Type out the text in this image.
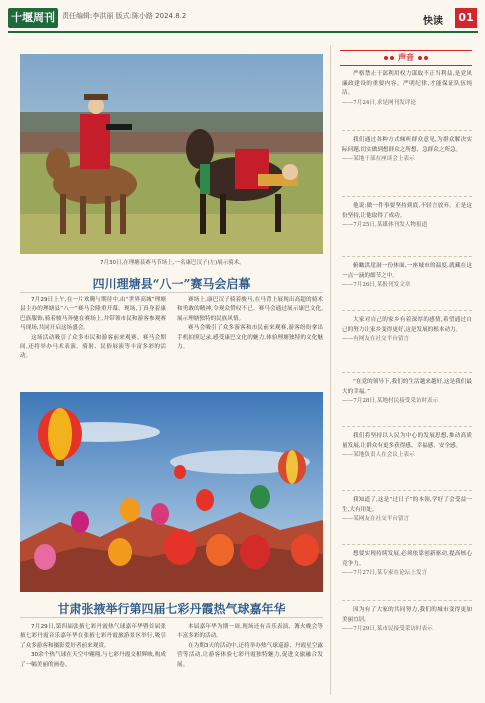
十堰周刊	责任编辑:李洪丽 版式:陈小路 2024.8.2	快读	01
7月30日,在理塘县赛马节场上,一名康巴汉子(左)展示骑术。
四川理塘县“八一”赛马会启幕

7月29日上午,在一片欢腾与期待中,由“世界高城”理塘县主办的理塘县“八一”赛马会隆重开幕。现场,丁真身着康巴族服饰,骑着骏马奔驰在赛场上,并带领市民和游客参观赛马现场,共同开启这场盛会。

这场活动吸引了众多市民和游客前来观赛。赛马会期间,还将举办马术表演、骑射、民俗展演等丰富多彩的活动。

赛场上,康巴汉子骑着骏马,在马背上展现出高超的骑术和勇敢的精神,令观众赞叹不已。赛马会通过展示康巴文化,展示理塘独特的民族风情。

赛马会吸引了众多游客和市民前来观赛,游客纷纷拿出手机拍照记录,感受康巴文化的魅力,体验理塘独特的文化魅力。

甘肃张掖举行第四届七彩丹霞热气球嘉年华

7月29日,第四届张掖七彩丹霞热气球嘉年华暨首届张掖七彩丹霞音乐嘉年华在张掖七彩丹霞旅游景区举行,吸引了众多游客和摄影爱好者前来观赏。

30余个热气球在天空中翱翔,与七彩丹霞交相辉映,构成了一幅美丽的画卷。

本届嘉年华为期一周,现场还有音乐表演、篝火晚会等丰富多彩的活动。

在为期3天的活动中,还将举办热气球巡游、丹霞星空露营等活动,让游客体验七彩丹霞独特魅力,促进文旅融合发展。

声音
严格禁止干部利用权力谋取不正当利益,是党风廉政建设的重要内容。严明纪律,才能保证队伍纯洁。
——7月24日,求是网刊发评论
我们通过各种方式倾听群众意见,为群众解决实际问题,切实做到想群众之所想、急群众之所急。
——某地干部在座谈会上表示
他说:做一件事要坚持到底,不轻言放弃。正是这份坚持,让他取得了成功。
——7月25日,某媒体刊发人物报道
俯瞰洪崖洞一份体面,一座城市的温度,就藏在这一点一滴的细节之中。
——7月26日,某报刊发文章
大家对自己的家乡有着深厚的感情,希望通过自己的努力让家乡变得更好,这是发展的根本动力。
——有网友在社交平台留言
“在党的领导下,我们的生活越来越好,这是我们最大的幸福。”
——7月28日,某地村民接受采访时表示
我们将坚持以人民为中心的发展思想,推动高质量发展,让群众有更多获得感、幸福感、安全感。
——某地负责人在会议上表示
我知道了,这是“过日子”的本领,学好了会受益一生,大有用处。
——某网友在社交平台留言
想要实现持续发展,必须依靠创新驱动,提高核心竞争力。
——7月27日,某专家在论坛上发言
因为有了大家的共同努力,我们的城市变得更加美丽宜居。
——7月29日,某市民接受采访时表示
